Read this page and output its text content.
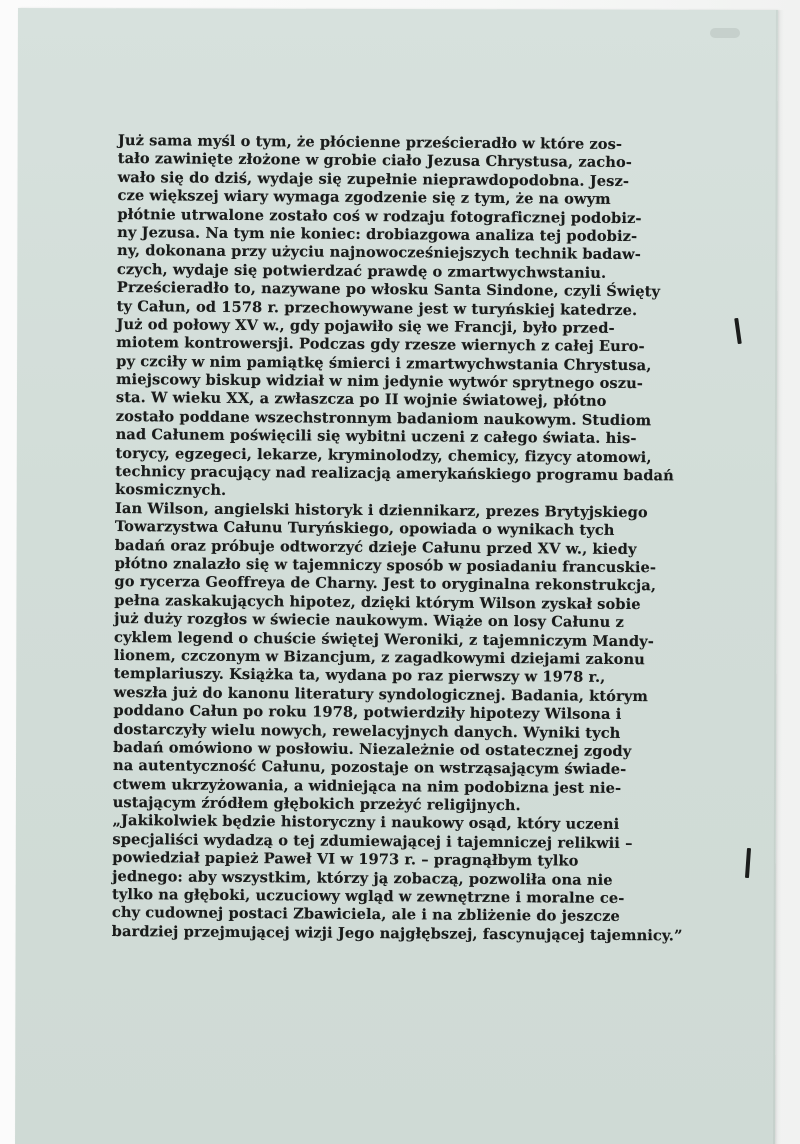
Już sama myśl o tym, że płócienne prześcieradło w które zos-
tało zawinięte złożone w grobie ciało Jezusa Chrystusa, zacho-
wało się do dziś, wydaje się zupełnie nieprawdopodobna. Jesz-
cze większej wiary wymaga zgodzenie się z tym, że na owym
płótnie utrwalone zostało coś w rodzaju fotograficznej podobiz-
ny Jezusa. Na tym nie koniec: drobiazgowa analiza tej podobiz-
ny, dokonana przy użyciu najnowocześniejszych technik badaw-
czych, wydaje się potwierdzać prawdę o zmartwychwstaniu.
Prześcieradło to, nazywane po włosku Santa Sindone, czyli Święty
ty Całun, od 1578 r. przechowywane jest w turyńskiej katedrze.
Już od połowy XV w., gdy pojawiło się we Francji, było przed-
miotem kontrowersji. Podczas gdy rzesze wiernych z całej Euro-
py czciły w nim pamiątkę śmierci i zmartwychwstania Chrystusa,
miejscowy biskup widział w nim jedynie wytwór sprytnego oszu-
sta. W wieku XX, a zwłaszcza po II wojnie światowej, płótno
zostało poddane wszechstronnym badaniom naukowym. Studiom
nad Całunem poświęcili się wybitni uczeni z całego świata. his-
torycy, egzegeci, lekarze, kryminolodzy, chemicy, fizycy atomowi,
technicy pracujący nad realizacją amerykańskiego programu badań
kosmicznych.
Ian Wilson, angielski historyk i dziennikarz, prezes Brytyjskiego
Towarzystwa Całunu Turyńskiego, opowiada o wynikach tych
badań oraz próbuje odtworzyć dzieje Całunu przed XV w., kiedy
płótno znalazło się w tajemniczy sposób w posiadaniu francuskie-
go rycerza Geoffreya de Charny. Jest to oryginalna rekonstrukcja,
pełna zaskakujących hipotez, dzięki którym Wilson zyskał sobie
już duży rozgłos w świecie naukowym. Wiąże on losy Całunu z
cyklem legend o chuście świętej Weroniki, z tajemniczym Mandy-
lionem, czczonym w Bizancjum, z zagadkowymi dziejami zakonu
templariuszy. Książka ta, wydana po raz pierwszy w 1978 r.,
weszła już do kanonu literatury syndologicznej. Badania, którym
poddano Całun po roku 1978, potwierdziły hipotezy Wilsona i
dostarczyły wielu nowych, rewelacyjnych danych. Wyniki tych
badań omówiono w posłowiu. Niezależnie od ostatecznej zgody
na autentyczność Całunu, pozostaje on wstrząsającym świade-
ctwem ukrzyżowania, a widniejąca na nim podobizna jest nie-
ustającym źródłem głębokich przeżyć religijnych.
„Jakikolwiek będzie historyczny i naukowy osąd, który uczeni
specjaliści wydadzą o tej zdumiewającej i tajemniczej relikwii –
powiedział papież Paweł VI w 1973 r. – pragnąłbym tylko
jednego: aby wszystkim, którzy ją zobaczą, pozwoliła ona nie
tylko na głęboki, uczuciowy wgląd w zewnętrzne i moralne ce-
chy cudownej postaci Zbawiciela, ale i na zbliżenie do jeszcze
bardziej przejmującej wizji Jego najgłębszej, fascynującej tajemnicy.”
